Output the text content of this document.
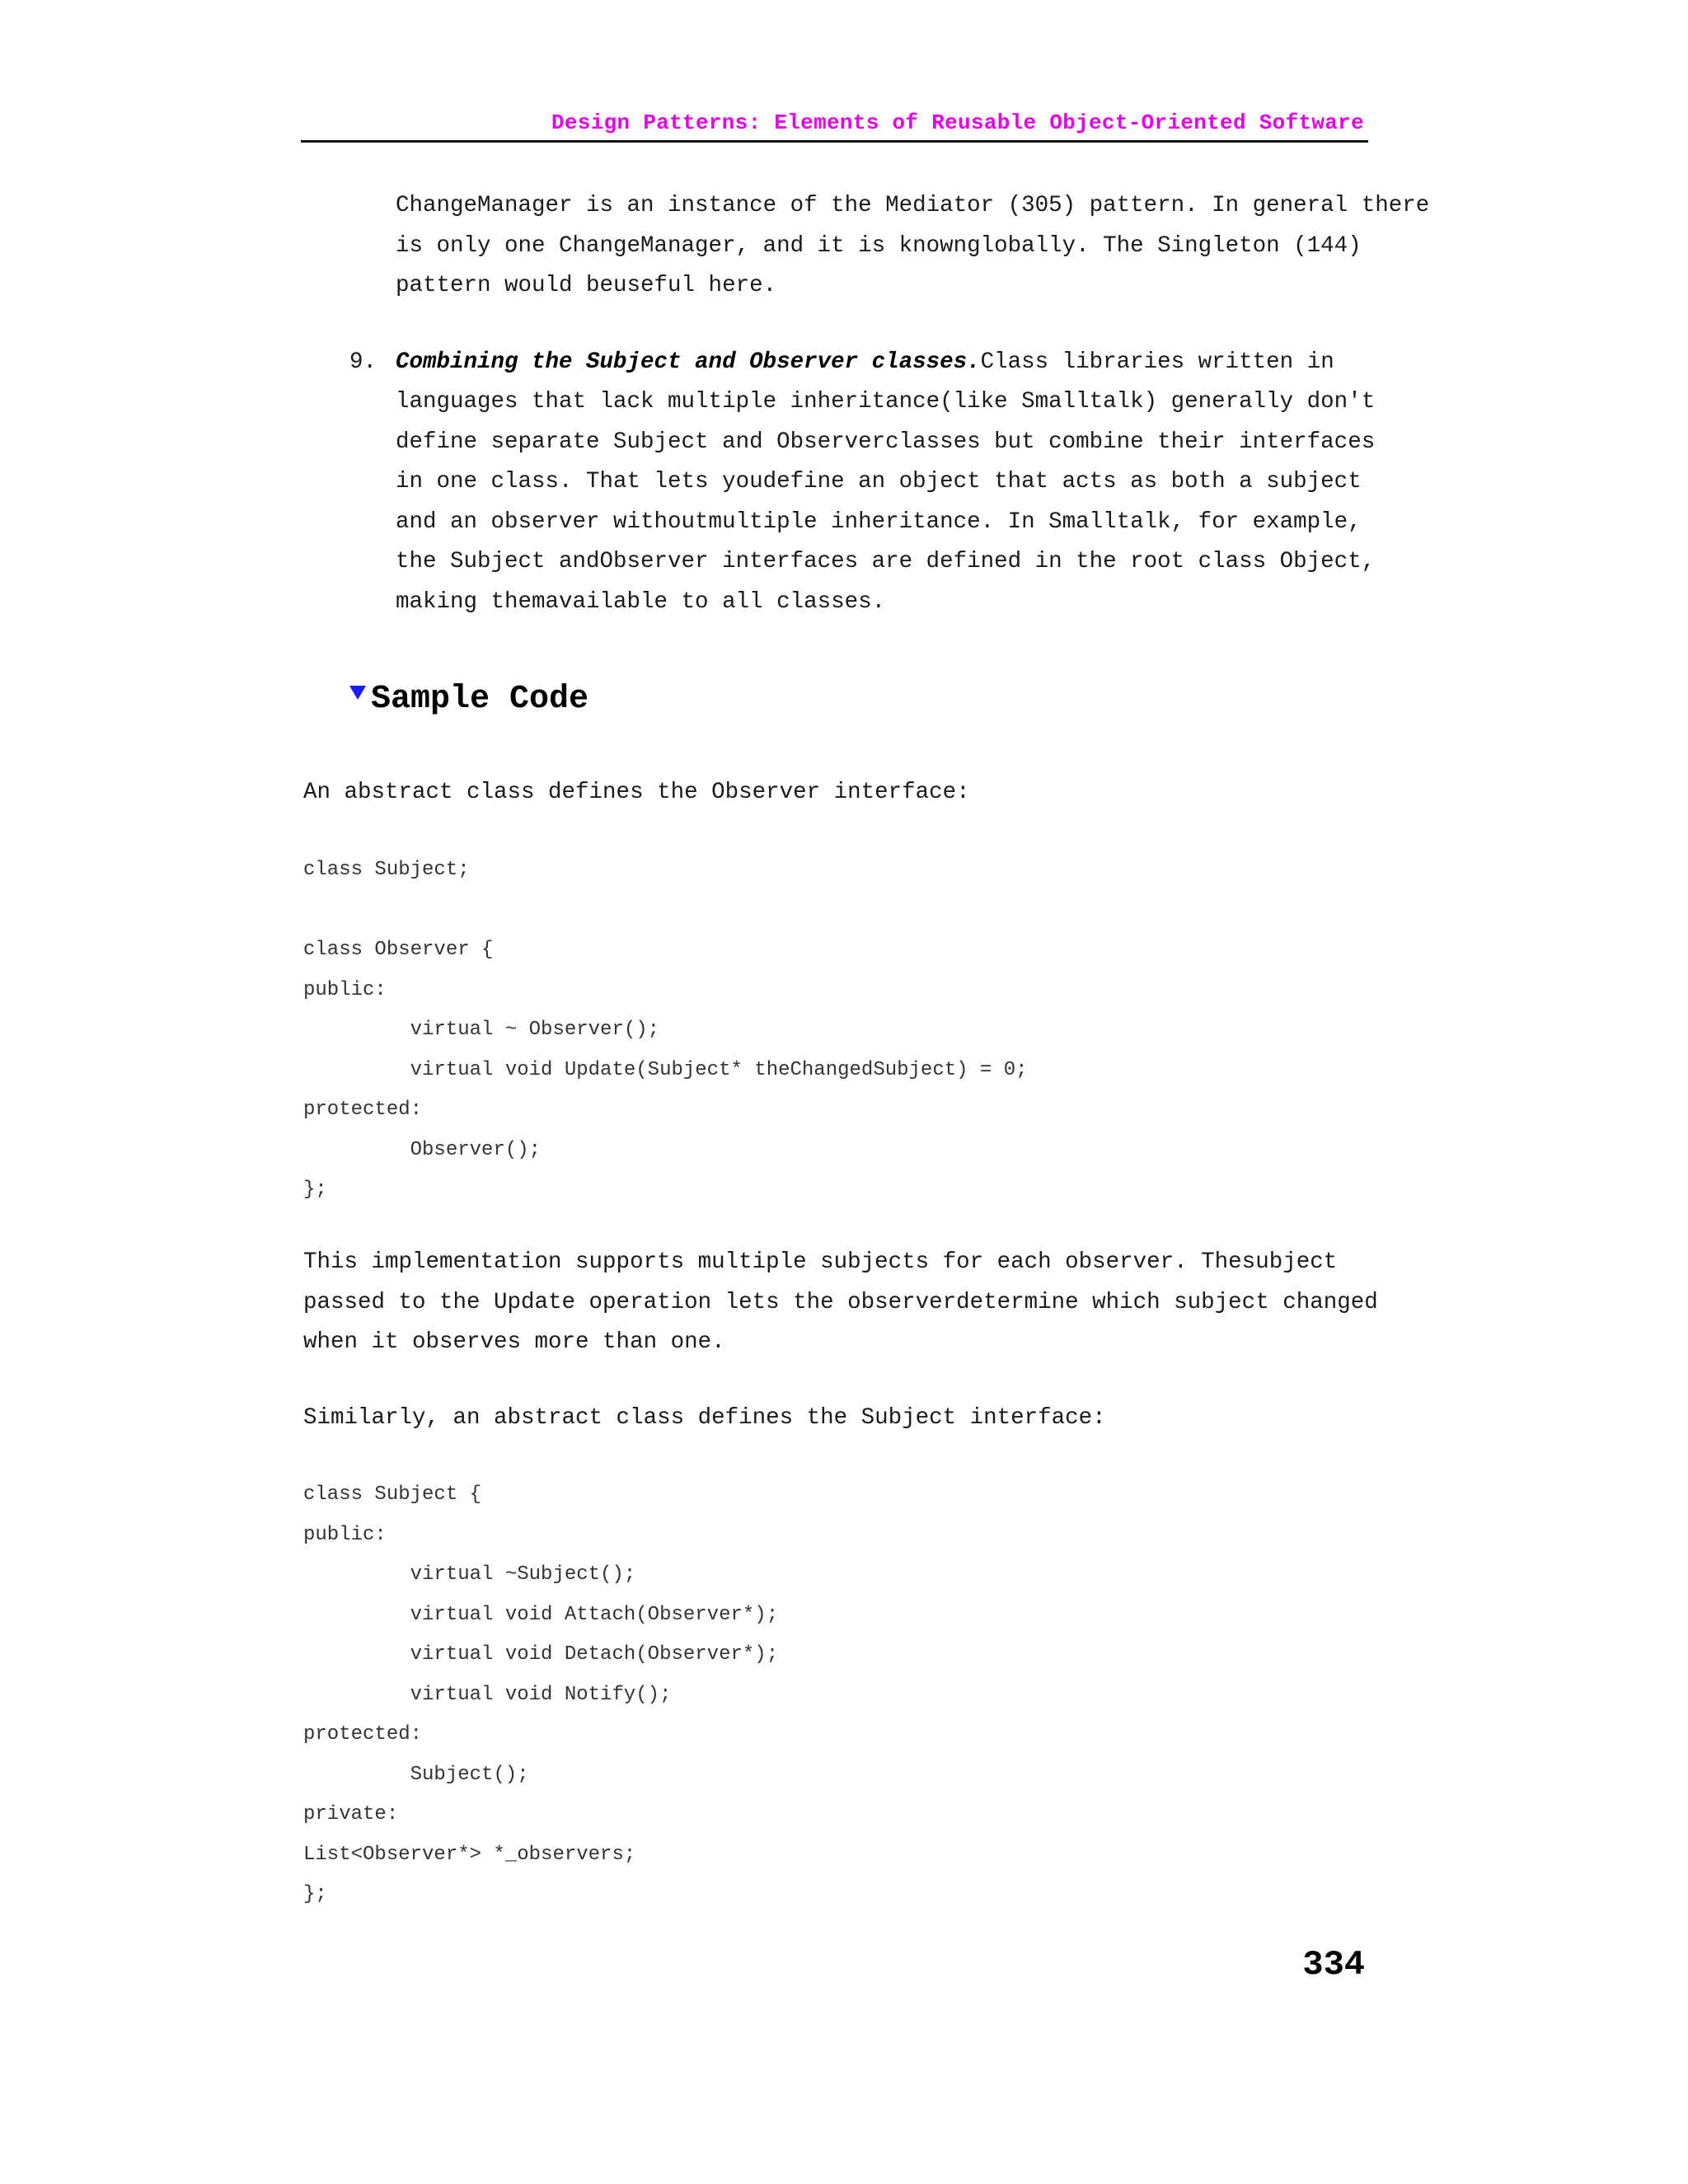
Design Patterns: Elements of Reusable Object-Oriented Software
ChangeManager is an instance of the Mediator (305) pattern. In general there
is only one ChangeManager, and it is knownglobally. The Singleton (144)
pattern would beuseful here.
9. Combining the Subject and Observer classes.Class libraries written in
languages that lack multiple inheritance(like Smalltalk) generally don't
define separate Subject and Observerclasses but combine their interfaces
in one class. That lets youdefine an object that acts as both a subject
and an observer withoutmultiple inheritance. In Smalltalk, for example,
the Subject andObserver interfaces are defined in the root class Object,
making themavailable to all classes.
Sample Code
An abstract class defines the Observer interface:
class Subject;

class Observer {
public:
virtual ~ Observer();
virtual void Update(Subject* theChangedSubject) = 0;
protected:
Observer();
};
This implementation supports multiple subjects for each observer. Thesubject
passed to the Update operation lets the observerdetermine which subject changed
when it observes more than one.
Similarly, an abstract class defines the Subject interface:
class Subject {
public:
virtual ~Subject();
virtual void Attach(Observer*);
virtual void Detach(Observer*);
virtual void Notify();
protected:
Subject();
private:
List<Observer*> *_observers;
};
334
